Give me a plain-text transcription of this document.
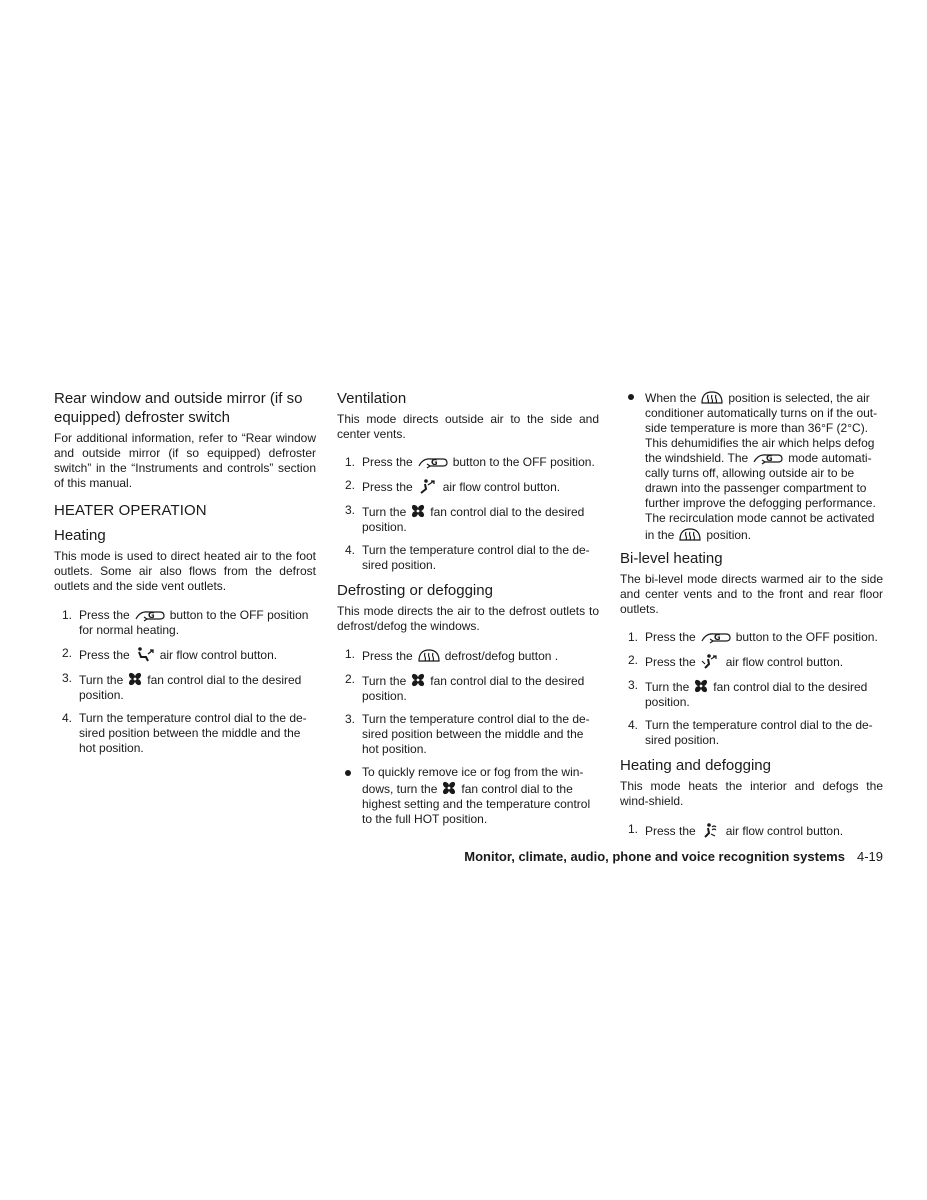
Rear window and outside mirror (if so equipped) defroster switch

For additional information, refer to “Rear window and outside mirror (if so equipped) defroster switch” in the “Instruments and controls” section of this manual.

HEATER OPERATION
Heating

This mode is used to direct heated air to the foot outlets. Some air also flows from the defrost outlets and the side vent outlets.

1. Press the G button to the OFF position for normal heating.
2. Press the	air flow control button.
3. Turn the fan control dial to the desired position.
4. Turn the temperature control dial to the de-sired position between the middle and the hot position.
Ventilation

This mode directs outside air to the side and center vents.

1. Press the G button to the OFF position.
2. Press the	air flow control button.
3. Turn the fan control dial to the desired position.
4. Turn the temperature control dial to the de-sired position.
Defrosting or defogging

This mode directs the air to the defrost outlets to defrost/defog the windows.

1. Press the	defrost/defog button .
2. Turn the fan control dial to the desired position.
3. Turn the temperature control dial to the de-sired position between the middle and the hot position.
To quickly remove ice or fog from the win-dows, turn the fan control dial to the highest setting and the temperature control to the full HOT position.
When the	position is selected, the air conditioner automatically turns on if the out-side temperature is more than 36°F (2°C). This dehumidifies the air which helps defog the windshield. The G mode automati-cally turns off, allowing outside air to be drawn into the passenger compartment to further improve the defogging performance. The recirculation mode cannot be activated in the	position.
Bi-level heating

The bi-level mode directs warmed air to the side and center vents and to the front and rear floor outlets.

1. Press the G button to the OFF position.
2. Press the	air flow control button.
3. Turn the fan control dial to the desired position.
4. Turn the temperature control dial to the de-sired position.
Heating and defogging

This mode heats the interior and defogs the wind-shield.

1. Press the	air flow control button.
Monitor, climate, audio, phone and voice recognition systems 4-19
